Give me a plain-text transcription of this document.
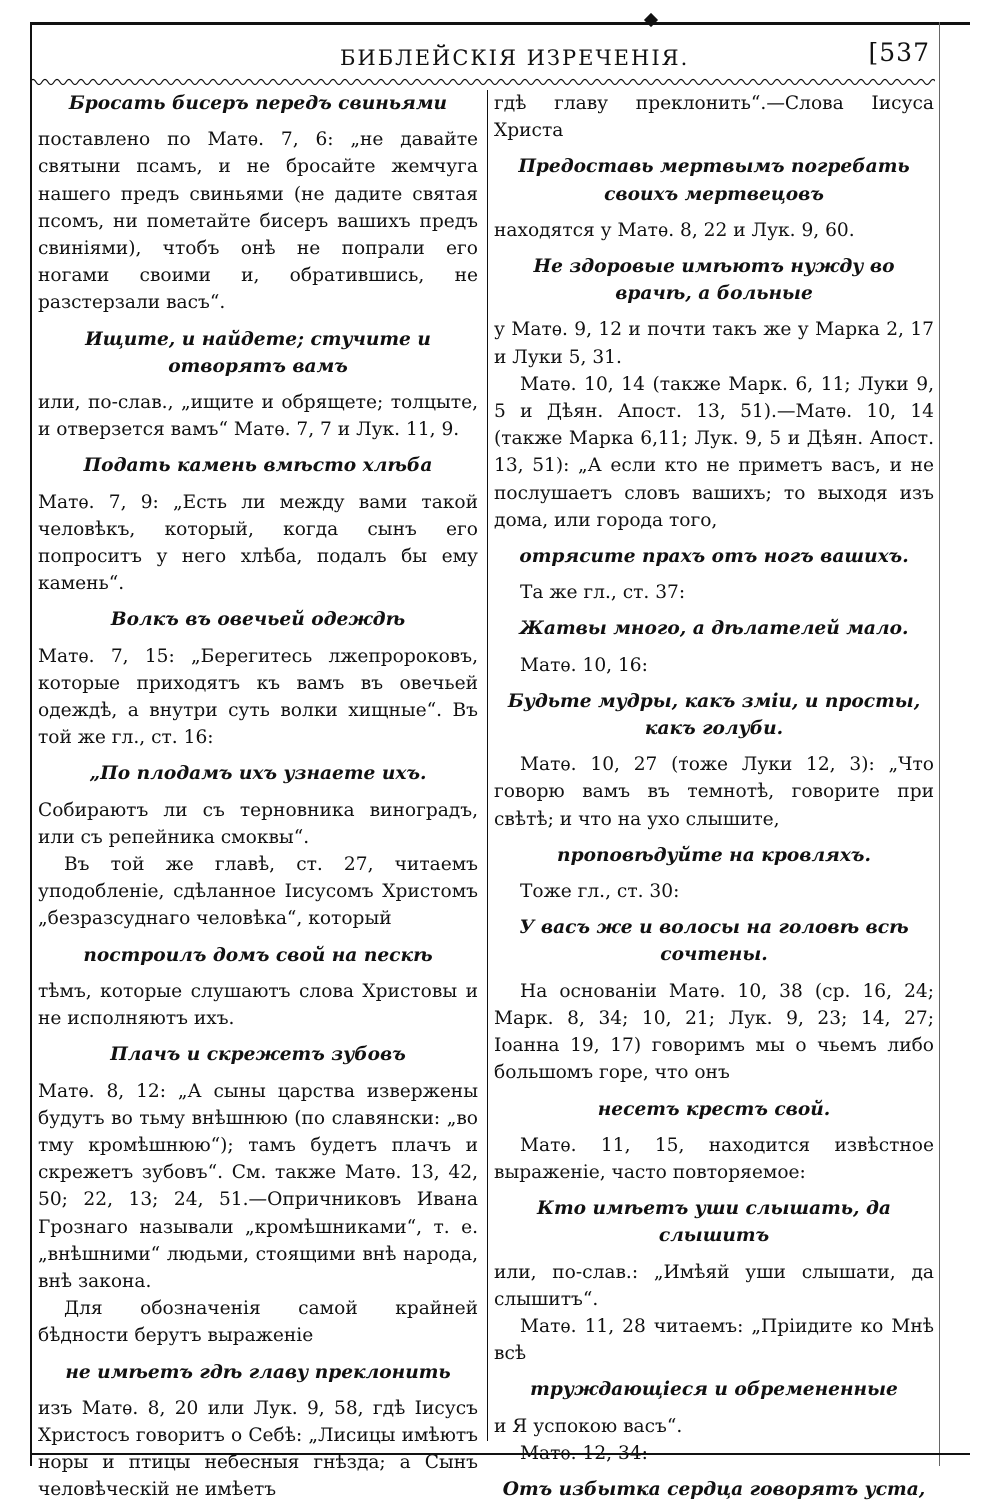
БИБЛЕЙСКІЯ ИЗРЕЧЕНІЯ.	[537
Бросать бисеръ передъ свиньями

поставлено по Матѳ. 7, 6: „не давайте святыни псамъ, и не бросайте жемчуга нашего предъ свиньями (не дадите святая псомъ, ни пометайте бисеръ вашихъ предъ свиніями), чтобъ онѣ не попрали его ногами своими и, обратившись, не разстерзали васъ“.

Ищите, и найдете; стучите и отворятъ вамъ

или, по-слав., „ищите и обрящете; толцыте, и отверзется вамъ“ Матѳ. 7, 7 и Лук. 11, 9.

Подать камень вмѣсто хлѣба

Матѳ. 7, 9: „Есть ли между вами такой человѣкъ, который, когда сынъ его попроситъ у него хлѣба, подалъ бы ему камень“.

Волкъ въ овечьей одеждѣ

Матѳ. 7, 15: „Берегитесь лжепророковъ, которые приходятъ къ вамъ въ овечьей одеждѣ, а внутри суть волки хищные“. Въ той же гл., ст. 16:

„По плодамъ ихъ узнаете ихъ.

Собираютъ ли съ терновника виноградъ, или съ репейника смоквы“.

Въ той же главѣ, ст. 27, читаемъ уподобленіе, сдѣланное Іисусомъ Христомъ „безразсуднаго человѣка“, который

построилъ домъ свой на пескѣ

тѣмъ, которые слушаютъ слова Христовы и не исполняютъ ихъ.

Плачъ и скрежетъ зубовъ

Матѳ. 8, 12: „А сыны царства извержены будутъ во тьму внѣшнюю (по славянски: „во тму кромѣшнюю“); тамъ будетъ плачъ и скрежетъ зубовъ“. См. также Матѳ. 13, 42, 50; 22, 13; 24, 51.—Опричниковъ Ивана Грознаго называли „кромѣшниками“, т. е. „внѣшними“ людьми, стоящими внѣ народа, внѣ закона.

Для обозначенія самой крайней бѣдности берутъ выраженіе

не имѣетъ гдѣ главу преклонить

изъ Матѳ. 8, 20 или Лук. 9, 58, гдѣ Іисусъ Христосъ говоритъ о Себѣ: „Лисицы имѣютъ норы и птицы небесныя гнѣзда; а Сынъ человѣческій не имѣетъ

гдѣ главу преклонить“.—Слова Іисуса Христа

Предоставь мертвымъ погребать своихъ мертвецовъ

находятся у Матѳ. 8, 22 и Лук. 9, 60.

Не здоровые имѣютъ нужду во врачѣ, а больные

у Матѳ. 9, 12 и почти такъ же у Марка 2, 17 и Луки 5, 31.

Матѳ. 10, 14 (также Марк. 6, 11; Луки 9, 5 и Дѣян. Апост. 13, 51).—Матѳ. 10, 14 (также Марка 6,11; Лук. 9, 5 и Дѣян. Апост. 13, 51): „А если кто не приметъ васъ, и не послушаетъ словъ вашихъ; то выходя изъ дома, или города того,

отрясите прахъ отъ ногъ вашихъ.

Та же гл., ст. 37:

Жатвы много, а дѣлателей мало.

Матѳ. 10, 16:

Будьте мудры, какъ зміи, и просты, какъ голуби.

Матѳ. 10, 27 (тоже Луки 12, 3): „Что говорю вамъ въ темнотѣ, говорите при свѣтѣ; и что на ухо слышите,

проповѣдуйте на кровляхъ.

Тоже гл., ст. 30:

У васъ же и волосы на головѣ всѣ сочтены.

На основаніи Матѳ. 10, 38 (ср. 16, 24; Марк. 8, 34; 10, 21; Лук. 9, 23; 14, 27; Іоанна 19, 17) говоримъ мы о чьемъ либо большомъ горе, что онъ

несетъ крестъ свой.

Матѳ. 11, 15, находится извѣстное выраженіе, часто повторяемое:

Кто имѣетъ уши слышать, да слышитъ

или, по-слав.: „Имѣяй уши слышати, да слышитъ“.

Матѳ. 11, 28 читаемъ: „Пріидите ко Мнѣ всѣ

труждающіеся и обремененные

и Я успокою васъ“.

Матѳ. 12, 34:

Отъ избытка сердца говорятъ уста,
